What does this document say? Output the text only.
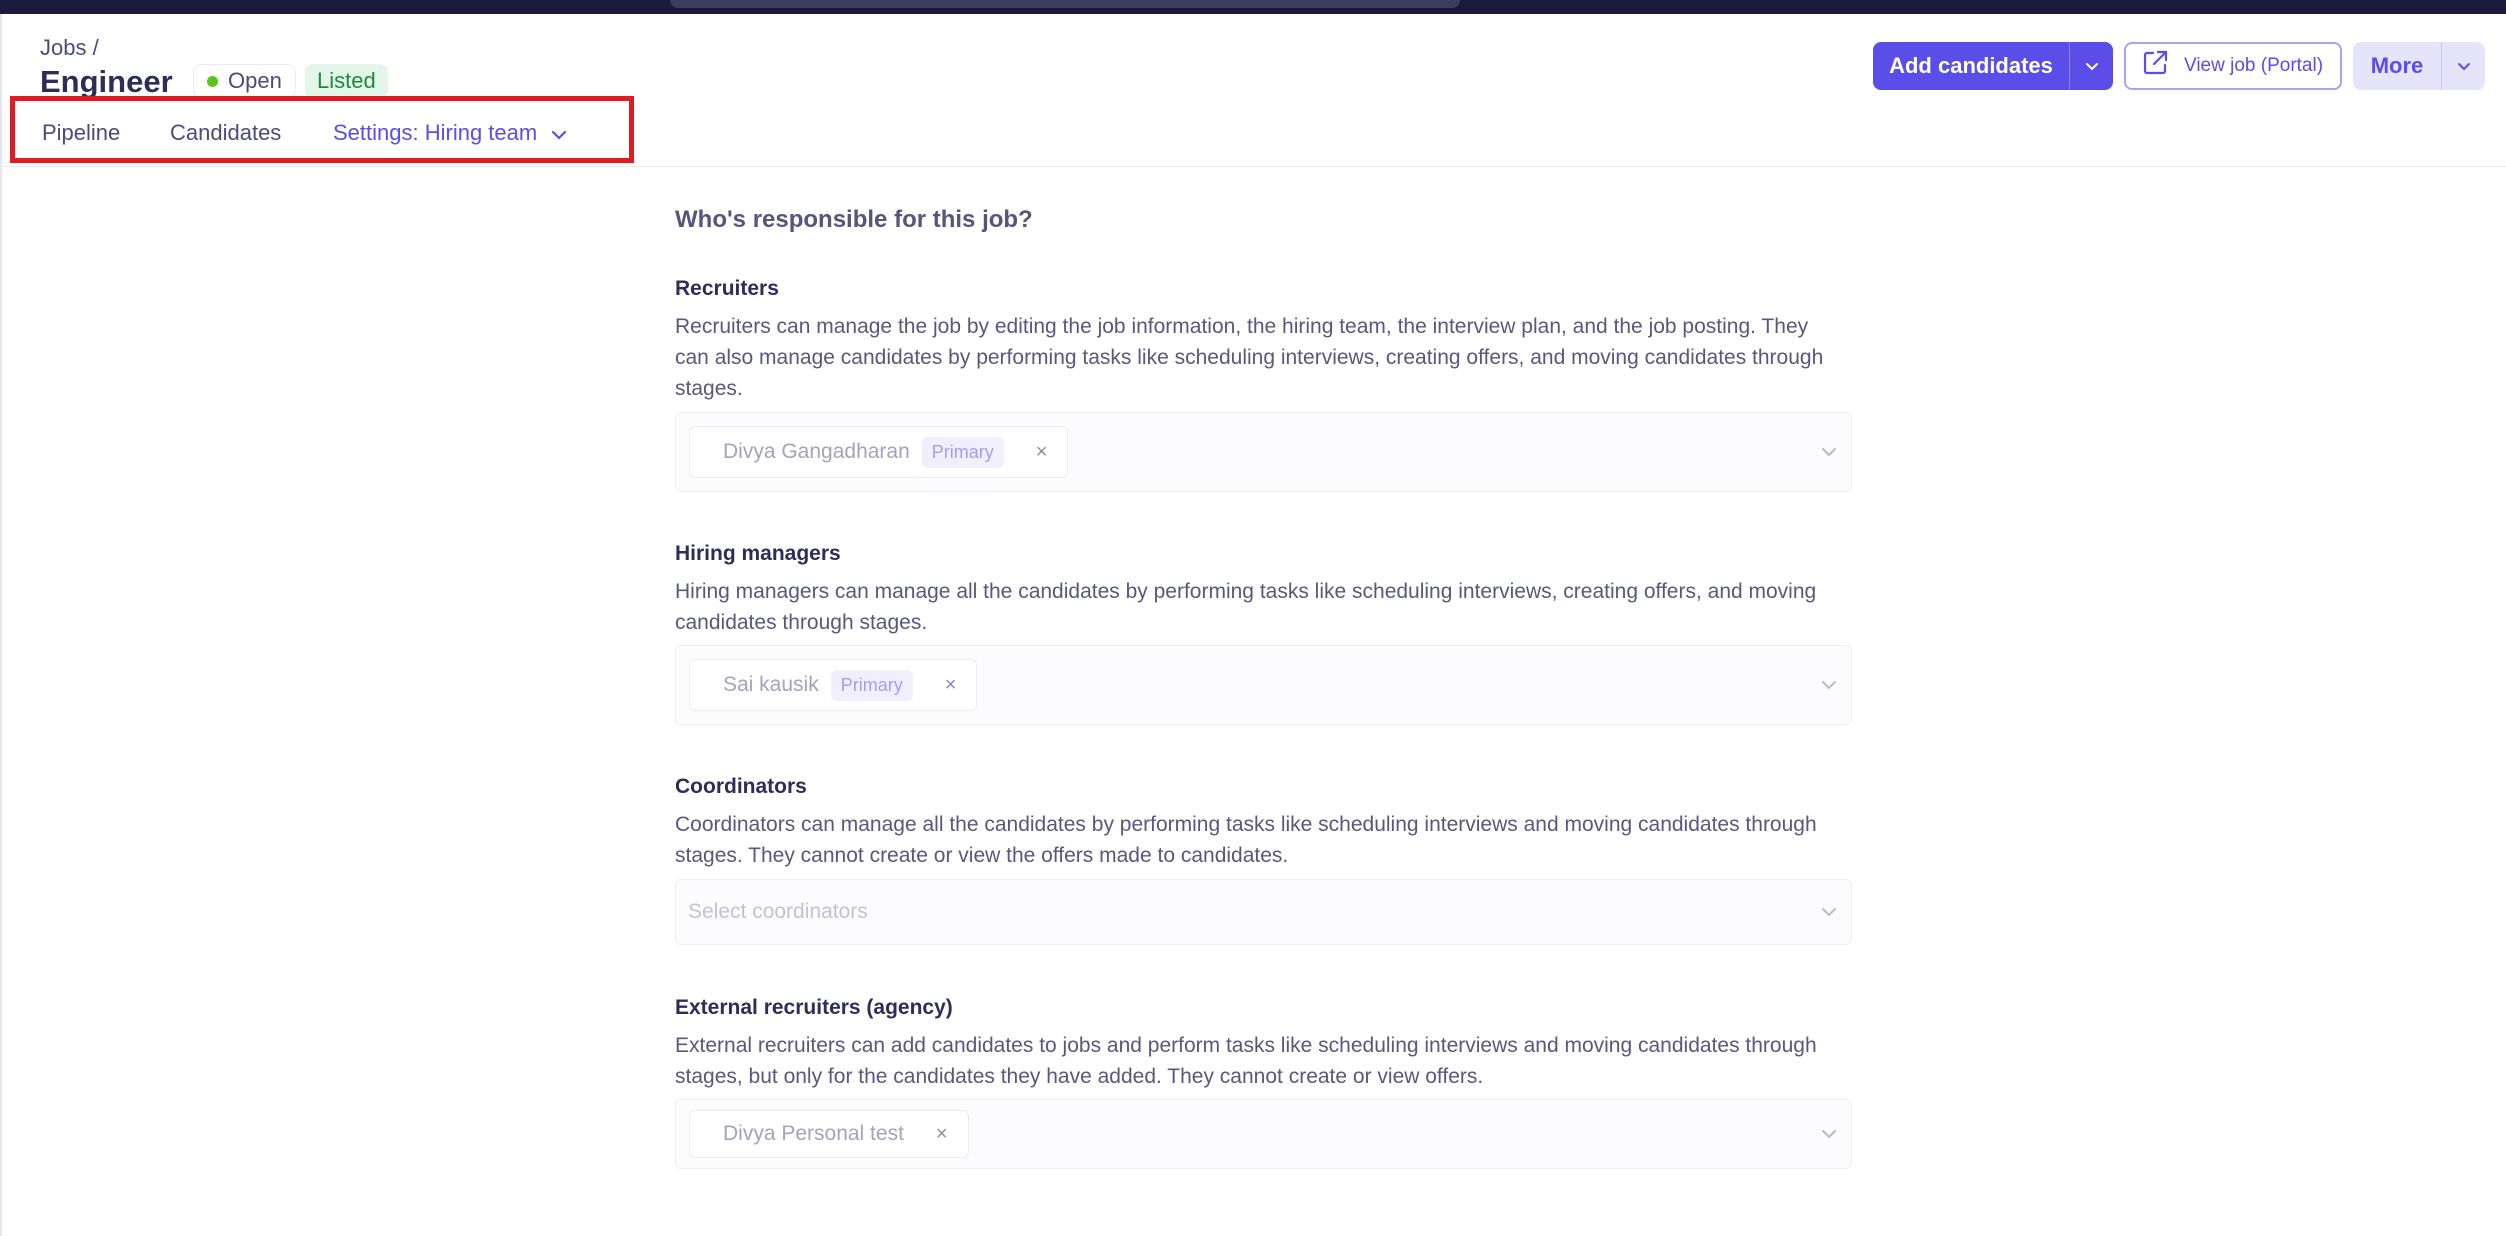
Jobs /
Engineer	Open	Listed
Pipeline Candidates Settings: Hiring team
Add candidates	View job (Portal)	More
Who's responsible for this job?
Recruiters
Recruiters can manage the job by editing the job information, the hiring team, the interview plan, and the job posting. They can also manage candidates by performing tasks like scheduling interviews, creating offers, and moving candidates through stages.
Divya Gangadharan	Primary	×
Hiring managers
Hiring managers can manage all the candidates by performing tasks like scheduling interviews, creating offers, and moving candidates through stages.
Sai kausik	Primary	×
Coordinators
Coordinators can manage all the candidates by performing tasks like scheduling interviews and moving candidates through stages. They cannot create or view the offers made to candidates.
Select coordinators
External recruiters (agency)
External recruiters can add candidates to jobs and perform tasks like scheduling interviews and moving candidates through stages, but only for the candidates they have added. They cannot create or view offers.
Divya Personal test ×
